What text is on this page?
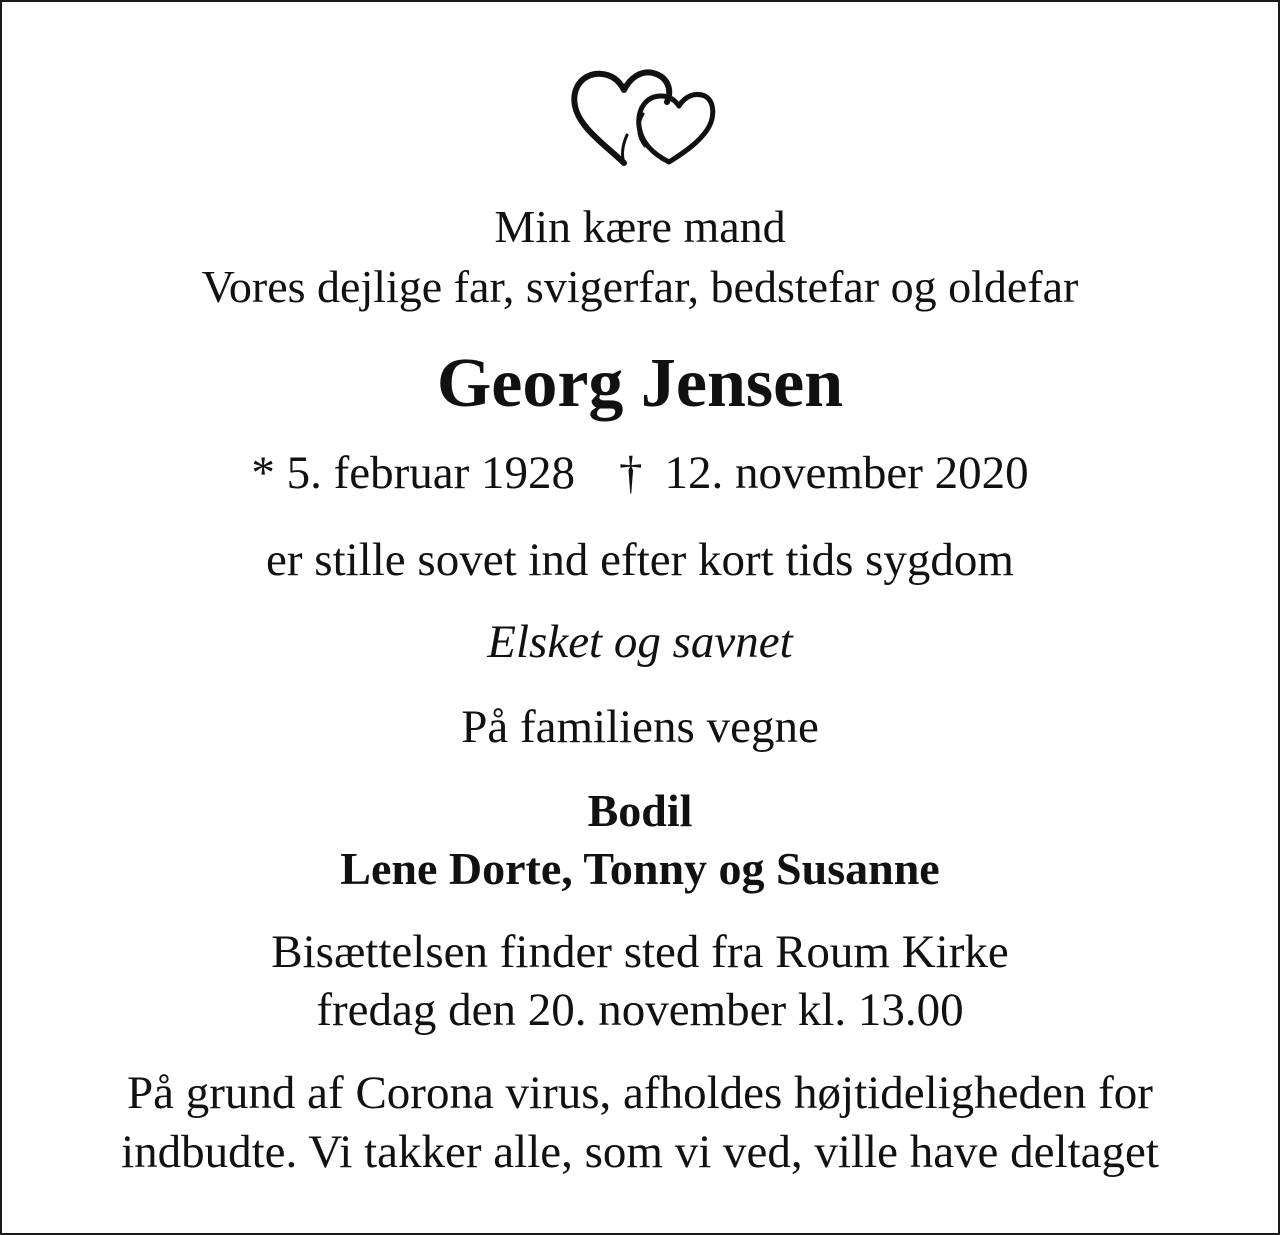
Min kære mand
Vores dejlige far, svigerfar, bedstefar og oldefar
Georg Jensen
* 5. februar 1928 † 12. november 2020
er stille sovet ind efter kort tids sygdom
Elsket og savnet
På familiens vegne
Bodil
Lene Dorte, Tonny og Susanne
Bisættelsen finder sted fra Roum Kirke
fredag den 20. november kl. 13.00
På grund af Corona virus, afholdes højtideligheden for
indbudte. Vi takker alle, som vi ved, ville have deltaget
